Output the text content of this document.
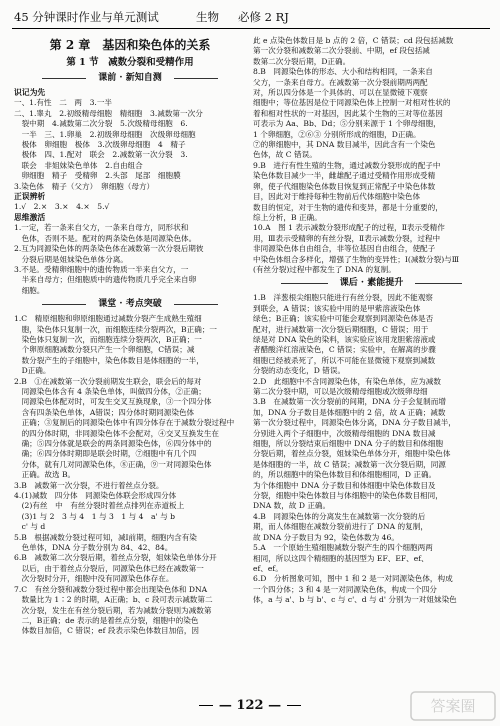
45 分钟课时作业与单元测试	生物 必修 2 RJ
第 2 章　基因和染色体的关系
第 1 节　减数分裂和受精作用
课前 · 新知自测
识记为先
一、1.有性　二　两　3.一半
二、1.睾丸　2.初级精母细胞　精细胞　3.减数第一次分
　裂中期　4.减数第二次分裂　5.次级精母细胞　6.
　一半　三、1.卵巢　2.初级卵母细胞　次级卵母细胞
　极体　卵细胞　极体　3.次级卵母细胞　4　精子
　极体　四、1.配对　联会　2.减数第一次分裂　3.
　联会　非姐妹染色单体　2.自由组合
　卵细胞　精子　受精卵　2.头部　尾部　细胞膜
3.染色体　精子（父方）　卵细胞（母方）
正误辨析
1.√　2.×　3.×　4.×　5.√
思维激活
1.一定，若一条来自父方，一条来自母方，同形状和
　色体，否则不是。配对的两条染色体是同源染色体。
2.互为同源染色体的两条染色体在减数第一次分裂后期彼
　分裂后期是姐妹染色单体分离。
3.不是。受精卵细胞中的遗传物质一半来自父方，一
　半来自母方；但细胞质中的遗传物质几乎完全来自卵
　细胞。
课堂 · 考点突破
1.C　精原细胞和卵原细胞通过减数分裂产生成熟生殖细
　胞，染色体只复制一次，而细胞连续分裂两次，B正确；一
　染色体只复制一次，而细胞连续分裂两次，B正确；一
　个卵原细胞减数分裂只产生一个卵细胞，C错误；减
　数分裂产生的子细胞中，染色体数目是体细胞的一半，
　D正确。
2.B　①在减数第一次分裂前期发生联会，联会后的每对
　同源染色体含有 4 条染色单体，叫做四分体，②正确；
　同源染色体配对时，可发生交叉互换现象，③一个四分体
　含有四条染色单体，A错误；四分体时期同源染色体
　正确；③复制后的同源染色体中有四分体存在于减数分裂过程中
　的四分体时期，非同源染色体不会配对，④交叉互换发生在
　确；⑤四分体就是联会的两条同源染色体，⑥四分体中的
　确；⑥四分体时期即是联会时期，⑦细胞中有几个四
　分体，就有几对同源染色体，⑧正确，⑨一对同源染色体
　正确。故选 B。
3.B　减数第一次分裂，不进行着丝点分裂。
4.(1)减数　四分体　同源染色体联会形成四分体
　(2)有丝　中　有丝分裂时着丝点排列在赤道板上
　(3)1 与 2　3 与 4　1 与 3　1 与 4　a' 与 b
　c' 与 d
5.B　根据减数分裂过程可知，减Ⅰ前期，细胞内含有染
　色单体，DNA 分子数分别为 84、42、84。
6.B　减数第二次分裂后期，着丝点分裂，姐妹染色单体分开
　以后，由于着丝点分裂后，同源染色体已经在减数第一
　次分裂时分开，细胞中没有同源染色体存在。
7.C　有丝分裂和减数分裂过程中都会出现染色体和 DNA
　数量比为 1∶2 的时期，A正确；b、c 段可表示减数第二
　次分裂，发生在有丝分裂后期，若为减数分裂则为减数第
　二，B正确；de 表示的是着丝点分裂，细胞中的染色
　体数目加倍，C 错误；ef 段表示染色体数目加倍，因
此 e 点染色体数目是 b 点的 2 倍，C 错误；cd 段包括减数
第一次分裂和减数第二次分裂前、中期，ef 段包括减
数第二次分裂后期，D正确。
8.B　同源染色体的形态、大小和结构相同，一条来自
父方，一条来自母方。在减数第一次分裂前期两两配
对，所以四分体是一个具体的、可以在显微镜下观察
细胞中；等位基因是位于同源染色体上控制一对相对性状的
着和相对性状的一对基因，因此某个生物的三对等位基因
可表示为 Aa、Bb、Dd；⑤分别来源于 1 个卵母细胞，
1 个卵细胞，②⑥③ 分别所形成的细胞，D正确。
⑦的卵细胞中，其 DNA 数目减半，因此含有一个染色
色体，故 C 错误。
9.B　进行有性生殖的生物，通过减数分裂形成的配子中
染色体数目减少一半，雌雄配子通过受精作用形成受精
卵，使子代细胞染色体数目恢复到正常配子中染色体数
目，因此对于维持每种生物前后代体细胞中染色体
数目的恒定，对于生物的遗传和变异，都是十分重要的，
综上分析，B 正确。
10.A　图 1 表示减数分裂形成配子的过程，Ⅱ表示受精作
用，Ⅲ表示受精卵的有丝分裂，Ⅱ表示减数分裂，过程中
非同源染色体自由组合，非等位基因自由组合，使配子
中染色体组合多样化，增强了生物的变异性；Ⅰ(减数分裂)与Ⅲ
(有丝分裂)过程中都发生了 DNA 的复制。
课后 · 素能提升
1.B　洋葱根尖细胞只能进行有丝分裂，因此不能观察
到联会，A 错误；该实验中用的是甲紫溶液染色体
绿色；B正确；该实验中可能会观察到同源染色体是否
配对，进行减数第一次分裂后期细胞，C 错误；用于
绿是对 DNA 染色的染料，该实验应该用龙胆紫溶液或
者醋酸洋红溶液染色，C 错误；实验中，在解离的步骤
细胞已经被杀死了，所以不可能在显微镜下观察到减数
分裂的动态变化，D 错误。
2.D　此细胞中不含同源染色体，有染色单体，应为减数
第二次分裂中期，可以是次级精母细胞或次级卵母细
3.B　在减数第一次分裂前的间期，DNA 分子会复制而增
加，DNA 分子数目是体细胞中的 2 倍，故 A 正确；减数
第一次分裂过程中，同源染色体分离，DNA 分子数目减半，
分别进入两个子细胞中，次级精母细胞的 DNA 数目减
细胞，所以分裂结束后细胞中 DNA 分子的数目和体细胞
分裂后期，着丝点分裂，姐妹染色单体分开，细胞中染色体
是体细胞的一半，故 C 错误；减数第一次分裂后期，同源
的，所以细胞中的染色体数目和体细胞相同，D 正确。
为个体细胞中 DNA 分子数目和体细胞中染色体数目及
分裂，细胞中染色体数目与体细胞中的染色体数目相同，
DNA 数，故 D 正确。
4.B　同源染色体的分离发生在减数第一次分裂的后
期，而人体细胞在减数分裂前进行了 DNA 的复制，
故 DNA 分子数目为 92，染色体数为 46。
5.A　一个原始生殖细胞减数分裂产生的四个细胞两两
相同，所以这四个精细胞的基因型为 EF、EF、ef、
ef、ef。
6.D　分析图象可知，图中 1 和 2 是一对同源染色体，构成
一个四分体；3 和 4 是一对同源染色体，构成一个四分
体，a 与 a'、b 与 b'、c 与 c'、d 与 d' 分别为一对姐妹染色
— 122 —	答案圈
